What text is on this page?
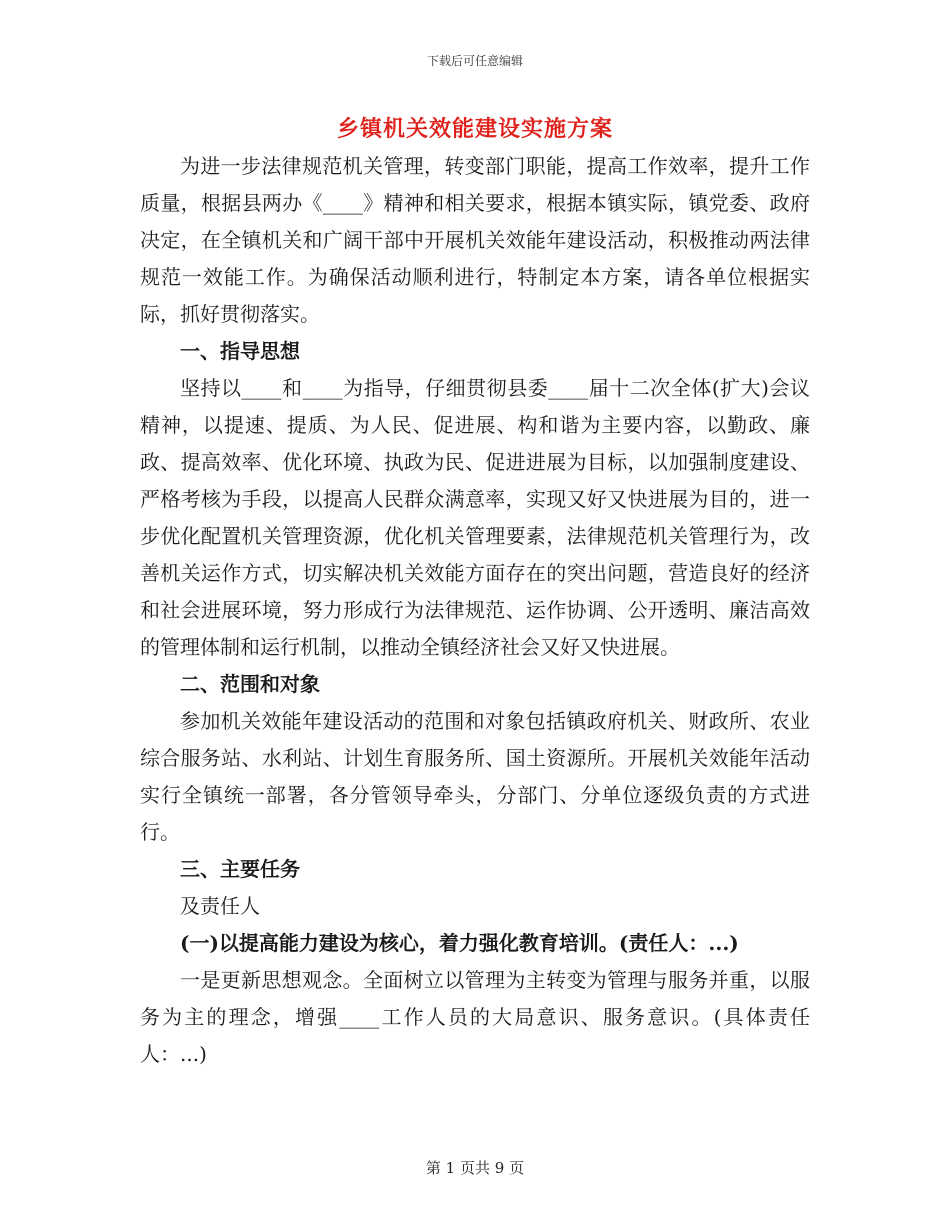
下载后可任意编辑
乡镇机关效能建设实施方案

为进一步法律规范机关管理，转变部门职能，提高工作效率，提升工作质量，根据县两办《____》精神和相关要求，根据本镇实际，镇党委、政府决定，在全镇机关和广阔干部中开展机关效能年建设活动，积极推动两法律规范一效能工作。为确保活动顺利进行，特制定本方案，请各单位根据实际，抓好贯彻落实。

一、指导思想

坚持以____和____为指导，仔细贯彻县委____届十二次全体(扩大)会议精神，以提速、提质、为人民、促进展、构和谐为主要内容，以勤政、廉政、提高效率、优化环境、执政为民、促进进展为目标，以加强制度建设、严格考核为手段，以提高人民群众满意率，实现又好又快进展为目的，进一步优化配置机关管理资源，优化机关管理要素，法律规范机关管理行为，改善机关运作方式，切实解决机关效能方面存在的突出问题，营造良好的经济和社会进展环境，努力形成行为法律规范、运作协调、公开透明、廉洁高效的管理体制和运行机制，以推动全镇经济社会又好又快进展。

二、范围和对象

参加机关效能年建设活动的范围和对象包括镇政府机关、财政所、农业综合服务站、水利站、计划生育服务所、国土资源所。开展机关效能年活动实行全镇统一部署，各分管领导牵头，分部门、分单位逐级负责的方式进行。

三、主要任务

及责任人

(一)以提高能力建设为核心，着力强化教育培训。(责任人：...)

一是更新思想观念。全面树立以管理为主转变为管理与服务并重，以服务为主的理念，增强____工作人员的大局意识、服务意识。(具体责任人：...)

第 1 页共 9 页
